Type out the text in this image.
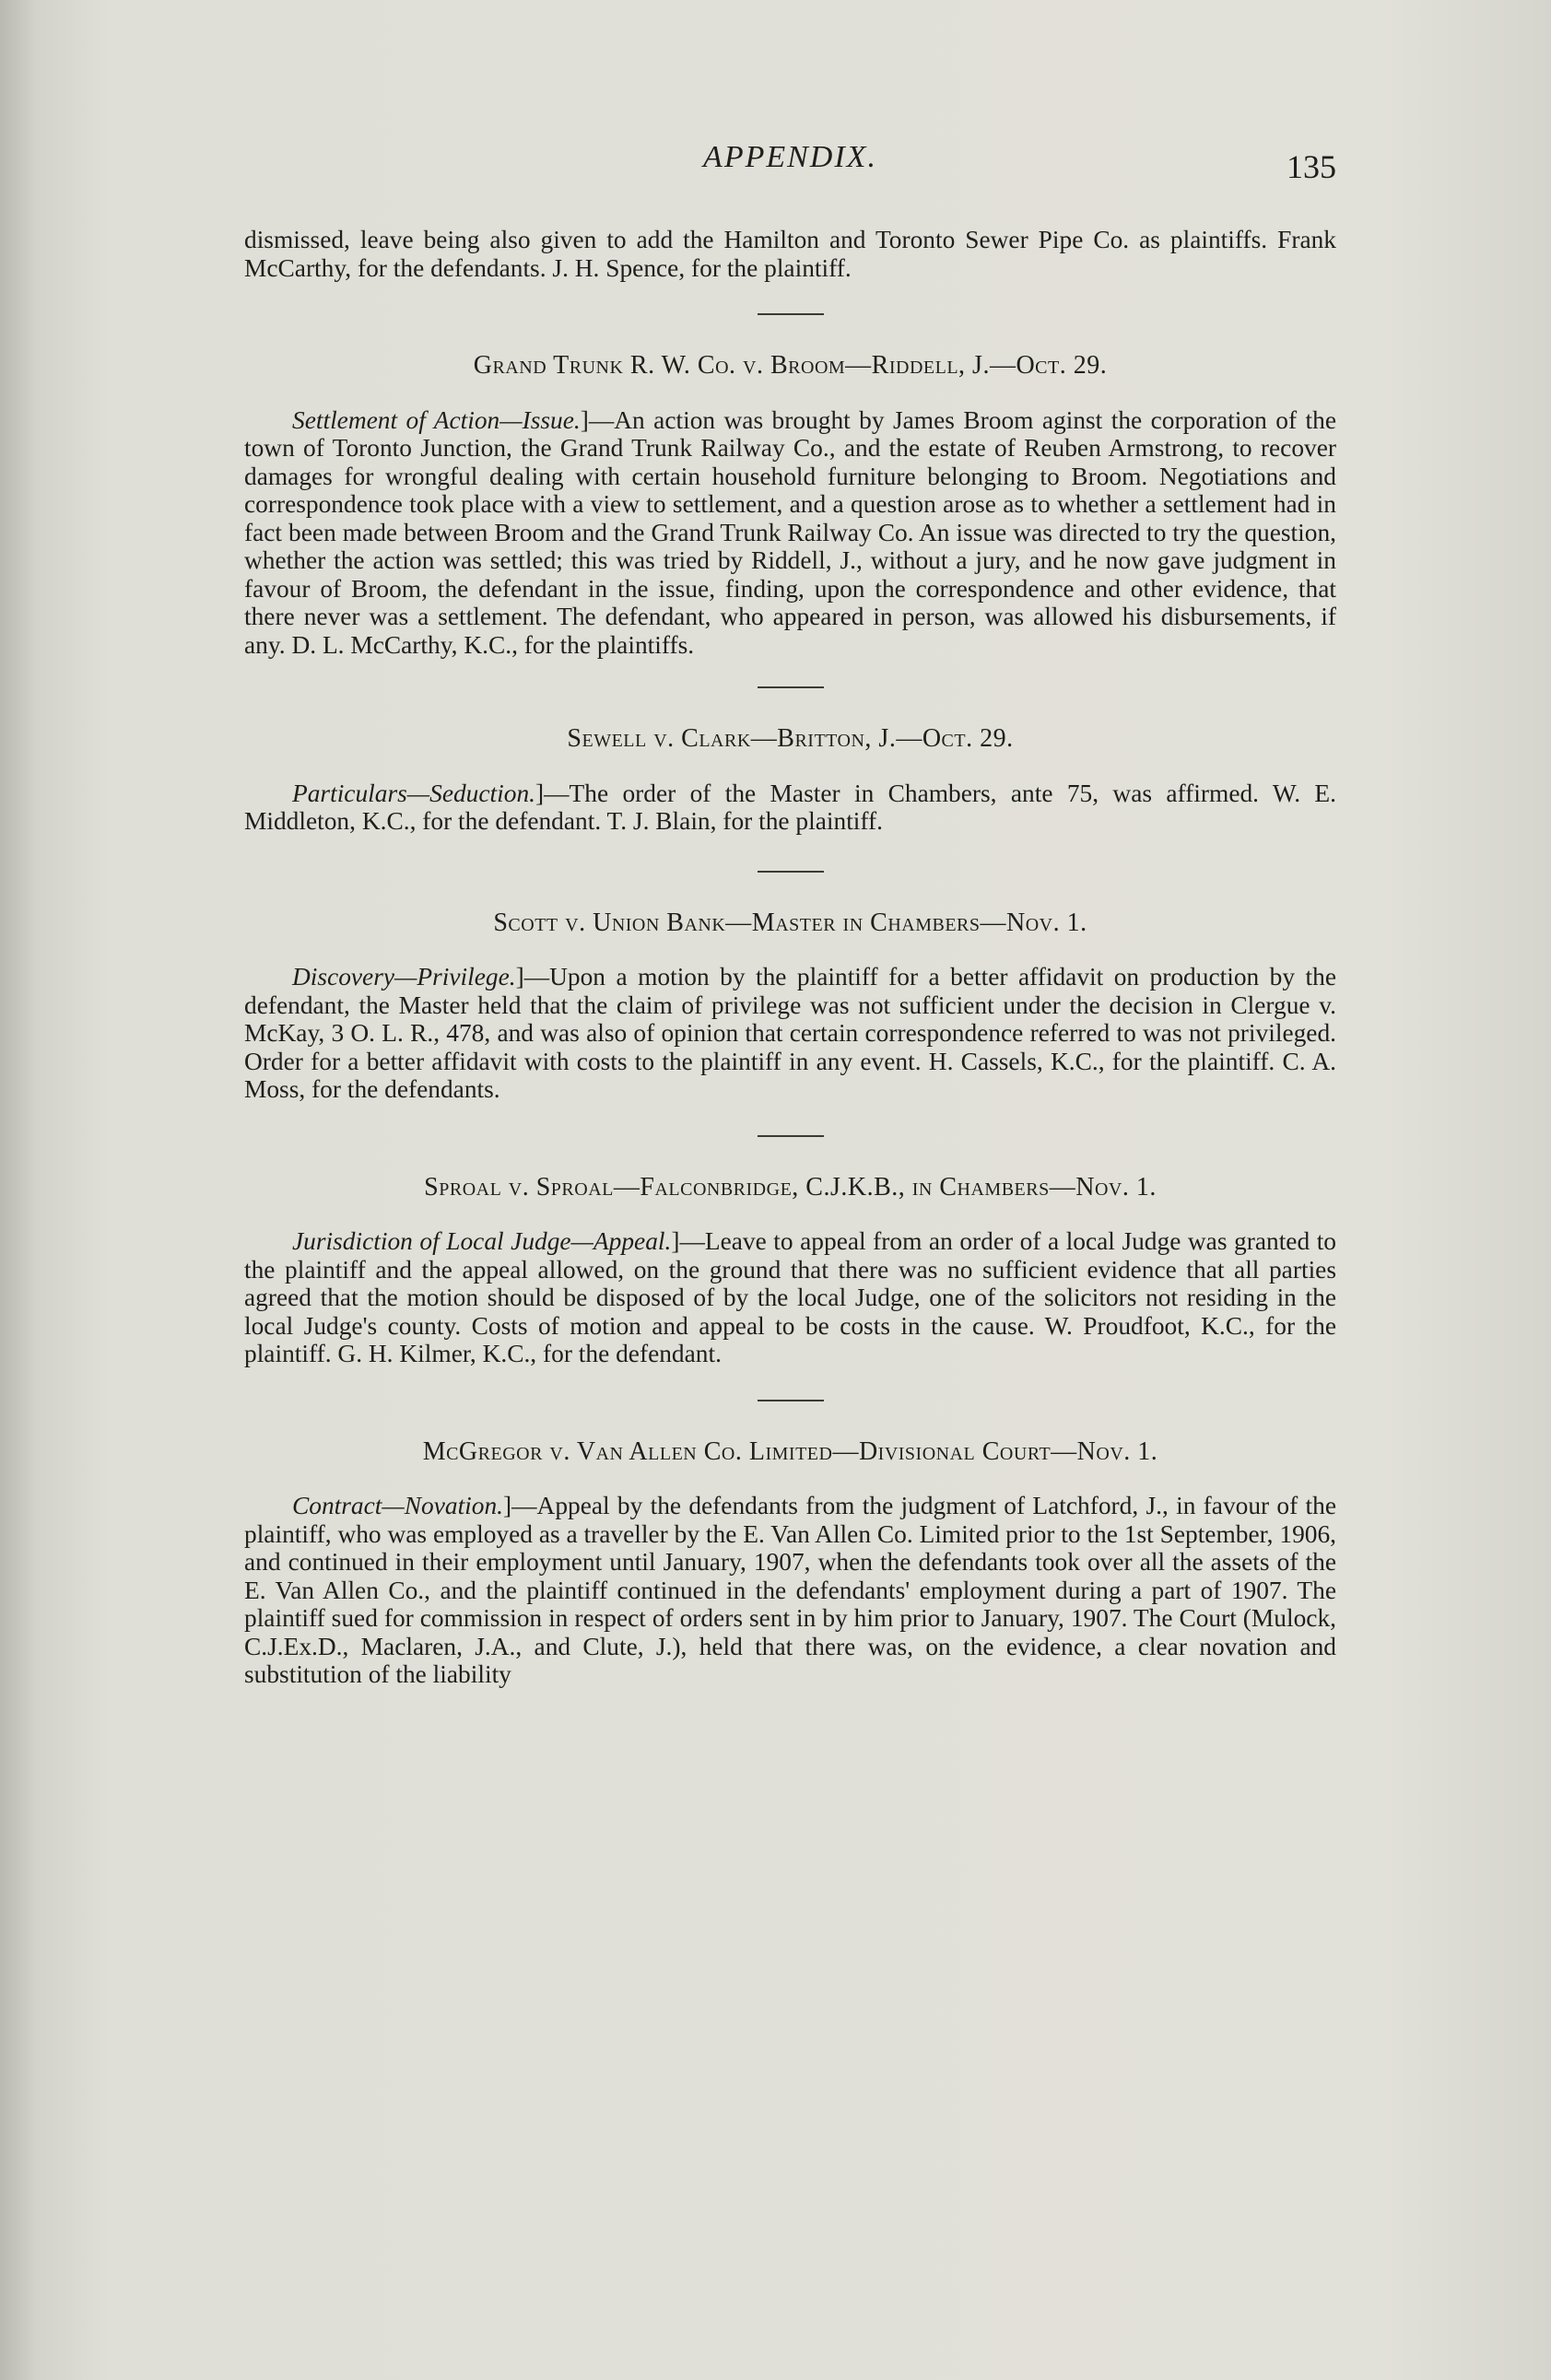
APPENDIX.	135

dismissed, leave being also given to add the Hamilton and Toronto Sewer Pipe Co. as plaintiffs. Frank McCarthy, for the defendants. J. H. Spence, for the plaintiff.

Grand Trunk R. W. Co. v. Broom—Riddell, J.—Oct. 29.

Settlement of Action—Issue.]—An action was brought by James Broom aginst the corporation of the town of Toronto Junction, the Grand Trunk Railway Co., and the estate of Reuben Armstrong, to recover damages for wrongful dealing with certain household furniture belonging to Broom. Negotiations and correspondence took place with a view to settlement, and a question arose as to whether a settlement had in fact been made between Broom and the Grand Trunk Railway Co. An issue was directed to try the question, whether the action was settled; this was tried by Riddell, J., without a jury, and he now gave judgment in favour of Broom, the defendant in the issue, finding, upon the correspondence and other evidence, that there never was a settlement. The defendant, who appeared in person, was allowed his disbursements, if any. D. L. McCarthy, K.C., for the plaintiffs.

Sewell v. Clark—Britton, J.—Oct. 29.

Particulars—Seduction.]—The order of the Master in Chambers, ante 75, was affirmed. W. E. Middleton, K.C., for the defendant. T. J. Blain, for the plaintiff.

Scott v. Union Bank—Master in Chambers—Nov. 1.

Discovery—Privilege.]—Upon a motion by the plaintiff for a better affidavit on production by the defendant, the Master held that the claim of privilege was not sufficient under the decision in Clergue v. McKay, 3 O. L. R., 478, and was also of opinion that certain correspondence referred to was not privileged. Order for a better affidavit with costs to the plaintiff in any event. H. Cassels, K.C., for the plaintiff. C. A. Moss, for the defendants.

Sproal v. Sproal—Falconbridge, C.J.K.B., in Chambers—Nov. 1.

Jurisdiction of Local Judge—Appeal.]—Leave to appeal from an order of a local Judge was granted to the plaintiff and the appeal allowed, on the ground that there was no sufficient evidence that all parties agreed that the motion should be disposed of by the local Judge, one of the solicitors not residing in the local Judge's county. Costs of motion and appeal to be costs in the cause. W. Proudfoot, K.C., for the plaintiff. G. H. Kilmer, K.C., for the defendant.

McGregor v. Van Allen Co. Limited—Divisional Court—Nov. 1.

Contract—Novation.]—Appeal by the defendants from the judgment of Latchford, J., in favour of the plaintiff, who was employed as a traveller by the E. Van Allen Co. Limited prior to the 1st September, 1906, and continued in their employment until January, 1907, when the defendants took over all the assets of the E. Van Allen Co., and the plaintiff continued in the defendants' employment during a part of 1907. The plaintiff sued for commission in respect of orders sent in by him prior to January, 1907. The Court (Mulock, C.J.Ex.D., Maclaren, J.A., and Clute, J.), held that there was, on the evidence, a clear novation and substitution of the liability
